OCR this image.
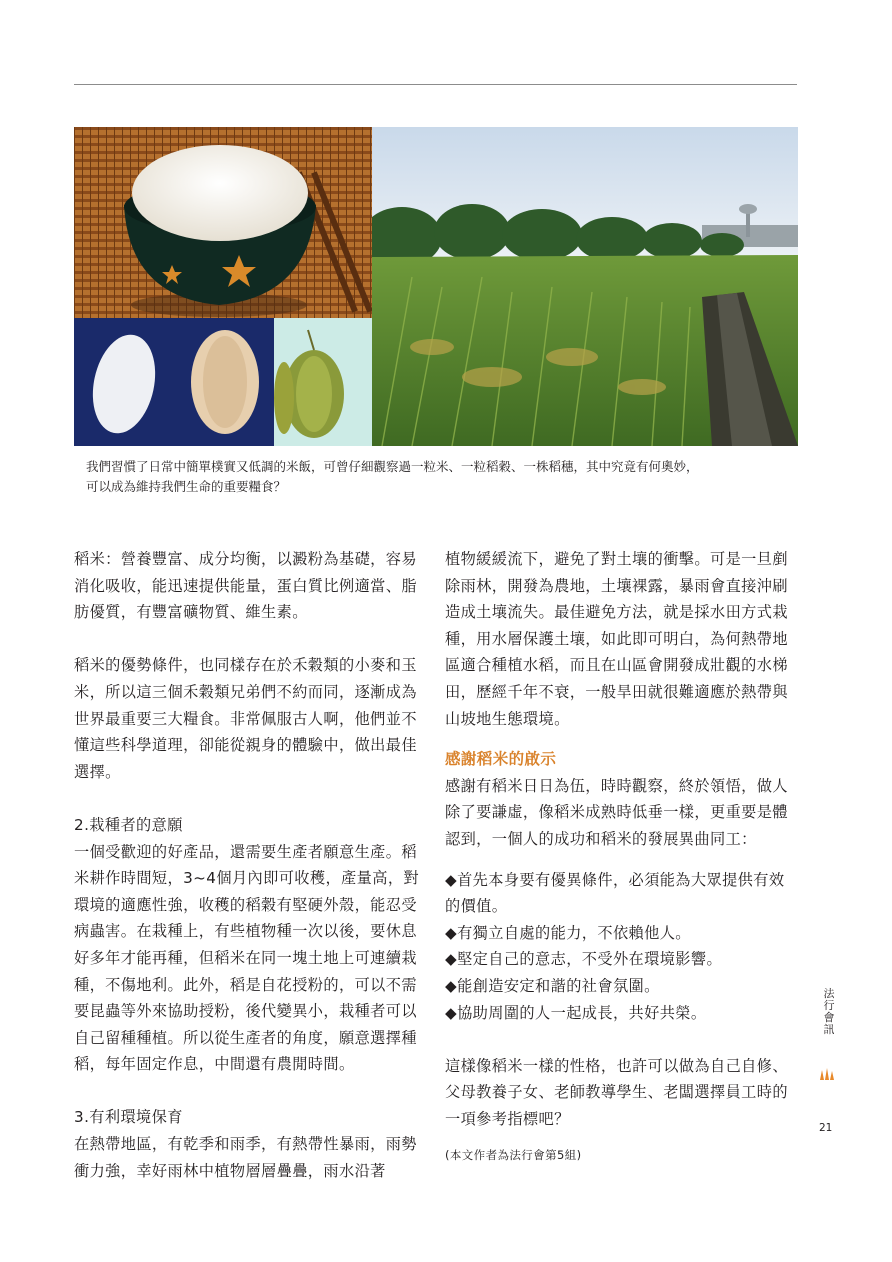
我們習慣了日常中簡單樸實又低調的米飯，可曾仔細觀察過一粒米、一粒稻穀、一株稻穗，其中究竟有何奧妙，

可以成為維持我們生命的重要糧食？

稻米：營養豐富、成分均衡，以澱粉為基礎，容易消化吸收，能迅速提供能量，蛋白質比例適當、脂肪優質，有豐富礦物質、維生素。

稻米的優勢條件，也同樣存在於禾穀類的小麥和玉米，所以這三個禾穀類兄弟們不約而同，逐漸成為世界最重要三大糧食。非常佩服古人啊，他們並不懂這些科學道理，卻能從親身的體驗中，做出最佳選擇。

2.栽種者的意願

一個受歡迎的好產品，還需要生產者願意生產。稻米耕作時間短，3~4個月內即可收穫，產量高，對環境的適應性強，收穫的稻穀有堅硬外殼，能忍受病蟲害。在栽種上，有些植物種一次以後，要休息好多年才能再種，但稻米在同一塊土地上可連續栽種，不傷地利。此外，稻是自花授粉的，可以不需要昆蟲等外來協助授粉，後代變異小，栽種者可以自己留種種植。所以從生產者的角度，願意選擇種稻，每年固定作息，中間還有農閒時間。

3.有利環境保育

在熱帶地區，有乾季和雨季，有熱帶性暴雨，雨勢衝力強，幸好雨林中植物層層疊疊，雨水沿著

植物緩緩流下，避免了對土壤的衝擊。可是一旦剷除雨林，開發為農地，土壤裸露，暴雨會直接沖刷造成土壤流失。最佳避免方法，就是採水田方式栽種，用水層保護土壤，如此即可明白，為何熱帶地區適合種植水稻，而且在山區會開發成壯觀的水梯田，歷經千年不衰，一般旱田就很難適應於熱帶與山坡地生態環境。

感謝稻米的啟示

感謝有稻米日日為伍，時時觀察，終於領悟，做人除了要謙虛，像稻米成熟時低垂一樣，更重要是體認到，一個人的成功和稻米的發展異曲同工：

◆首先本身要有優異條件，必須能為大眾提供有效的價值。

◆有獨立自處的能力，不依賴他人。

◆堅定自己的意志，不受外在環境影響。

◆能創造安定和諧的社會氛圍。

◆協助周圍的人一起成長，共好共榮。

這樣像稻米一樣的性格，也許可以做為自己自修、父母教養子女、老師教導學生、老闆選擇員工時的一項參考指標吧？

(本文作者為法行會第5組)

法
行
會
訊
21
